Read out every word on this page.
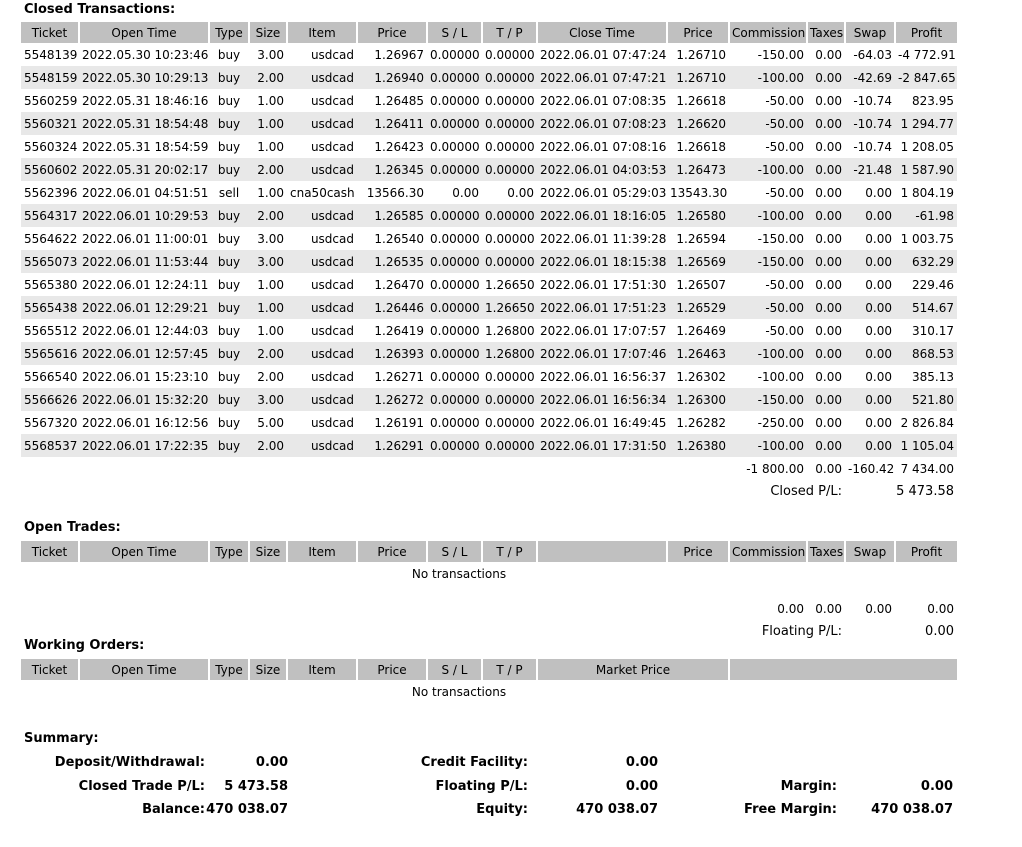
Closed Transactions:
Ticket	Open Time	Type	Size	Item	Price	S / L	T / P	Close Time	Price	Commission	Taxes	Swap	Profit
5548139	2022.05.30 10:23:46	buy	3.00	usdcad	1.26967	0.00000	0.00000	2022.06.01 07:47:24	1.26710	-150.00	0.00	-64.03	-4 772.91
5548159	2022.05.30 10:29:13	buy	2.00	usdcad	1.26940	0.00000	0.00000	2022.06.01 07:47:21	1.26710	-100.00	0.00	-42.69	-2 847.65
5560259	2022.05.31 18:46:16	buy	1.00	usdcad	1.26485	0.00000	0.00000	2022.06.01 07:08:35	1.26618	-50.00	0.00	-10.74	823.95
5560321	2022.05.31 18:54:48	buy	1.00	usdcad	1.26411	0.00000	0.00000	2022.06.01 07:08:23	1.26620	-50.00	0.00	-10.74	1 294.77
5560324	2022.05.31 18:54:59	buy	1.00	usdcad	1.26423	0.00000	0.00000	2022.06.01 07:08:16	1.26618	-50.00	0.00	-10.74	1 208.05
5560602	2022.05.31 20:02:17	buy	2.00	usdcad	1.26345	0.00000	0.00000	2022.06.01 04:03:53	1.26473	-100.00	0.00	-21.48	1 587.90
5562396	2022.06.01 04:51:51	sell	1.00	cna50cash	13566.30	0.00	0.00	2022.06.01 05:29:03	13543.30	-50.00	0.00	0.00	1 804.19
5564317	2022.06.01 10:29:53	buy	2.00	usdcad	1.26585	0.00000	0.00000	2022.06.01 18:16:05	1.26580	-100.00	0.00	0.00	-61.98
5564622	2022.06.01 11:00:01	buy	3.00	usdcad	1.26540	0.00000	0.00000	2022.06.01 11:39:28	1.26594	-150.00	0.00	0.00	1 003.75
5565073	2022.06.01 11:53:44	buy	3.00	usdcad	1.26535	0.00000	0.00000	2022.06.01 18:15:38	1.26569	-150.00	0.00	0.00	632.29
5565380	2022.06.01 12:24:11	buy	1.00	usdcad	1.26470	0.00000	1.26650	2022.06.01 17:51:30	1.26507	-50.00	0.00	0.00	229.46
5565438	2022.06.01 12:29:21	buy	1.00	usdcad	1.26446	0.00000	1.26650	2022.06.01 17:51:23	1.26529	-50.00	0.00	0.00	514.67
5565512	2022.06.01 12:44:03	buy	1.00	usdcad	1.26419	0.00000	1.26800	2022.06.01 17:07:57	1.26469	-50.00	0.00	0.00	310.17
5565616	2022.06.01 12:57:45	buy	2.00	usdcad	1.26393	0.00000	1.26800	2022.06.01 17:07:46	1.26463	-100.00	0.00	0.00	868.53
5566540	2022.06.01 15:23:10	buy	2.00	usdcad	1.26271	0.00000	0.00000	2022.06.01 16:56:37	1.26302	-100.00	0.00	0.00	385.13
5566626	2022.06.01 15:32:20	buy	3.00	usdcad	1.26272	0.00000	0.00000	2022.06.01 16:56:34	1.26300	-150.00	0.00	0.00	521.80
5567320	2022.06.01 16:12:56	buy	5.00	usdcad	1.26191	0.00000	0.00000	2022.06.01 16:49:45	1.26282	-250.00	0.00	0.00	2 826.84
5568537	2022.06.01 17:22:35	buy	2.00	usdcad	1.26291	0.00000	0.00000	2022.06.01 17:31:50	1.26380	-100.00	0.00	0.00	1 105.04
										-1 800.00	0.00	-160.42	7 434.00
										Closed P/L:		5 473.58	
Open Trades:
Ticket	Open Time	Type	Size	Item	Price	S / L	T / P		Price	Commission	Taxes	Swap	Profit

No transactions													

										0.00	0.00	0.00	0.00
										Floating P/L:		0.00	
Working Orders:
Ticket	Open Time	Type	Size	Item	Price	S / L	T / P	Market Price	

No transactions
Summary:
Deposit/Withdrawal:	0.00
Closed Trade P/L: 5 473.58
Balance: 470 038.07
Credit Facility:	0.00
Floating P/L:	0.00
Equity:	470 038.07
Margin:	0.00
Free Margin:	470 038.07
